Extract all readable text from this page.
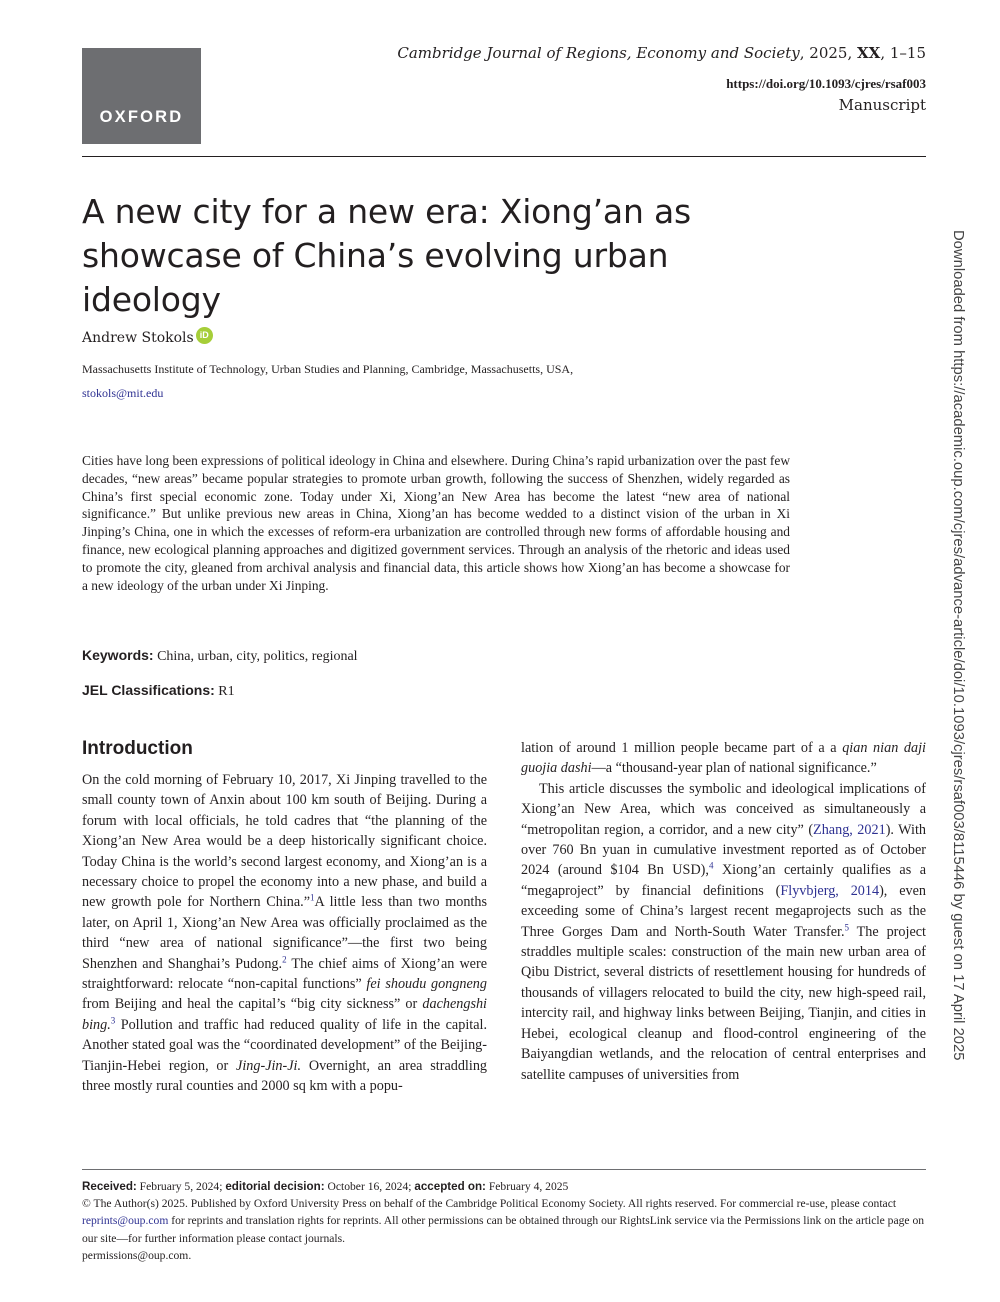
OXFORD
Cambridge Journal of Regions, Economy and Society, 2025, XX, 1–15
https://doi.org/10.1093/cjres/rsaf003
Manuscript
A new city for a new era: Xiong’an as showcase of China’s evolving urban ideology
Andrew Stokols iD
Massachusetts Institute of Technology, Urban Studies and Planning, Cambridge, Massachusetts, USA,
stokols@mit.edu

Cities have long been expressions of political ideology in China and elsewhere. During China’s rapid urbanization over the past few decades, “new areas” became popular strategies to promote urban growth, following the success of Shenzhen, widely regarded as China’s first special economic zone. Today under Xi, Xiong’an New Area has become the latest “new area of national significance.” But unlike previous new areas in China, Xiong’an has become wedded to a distinct vision of the urban in Xi Jinping’s China, one in which the excesses of reform-era urbanization are controlled through new forms of affordable housing and finance, new ecological planning approaches and digitized government services. Through an analysis of the rhetoric and ideas used to promote the city, gleaned from archival analysis and financial data, this article shows how Xiong’an has become a showcase for a new ideology of the urban under Xi Jinping.

Keywords: China, urban, city, politics, regional
JEL Classifications: R1
Introduction

On the cold morning of February 10, 2017, Xi Jinping travelled to the small county town of Anxin about 100 km south of Beijing. During a forum with local officials, he told cadres that “the planning of the Xiong’an New Area would be a deep historically significant choice. Today China is the world’s second largest economy, and Xiong’an is a necessary choice to propel the economy into a new phase, and build a new growth pole for Northern China.”$^1$A little less than two months later, on April 1, Xiong’an New Area was officially proclaimed as the third “new area of national significance”—the first two being Shenzhen and Shanghai’s Pudong.$^2$ The chief aims of Xiong’an were straightforward: relocate “non-capital functions” fei shoudu gongneng from Beijing and heal the capital’s “big city sickness” or dachengshi bing.$^3$ Pollution and traffic had reduced quality of life in the capital. Another stated goal was the “coordinated development” of the Beijing-Tianjin-Hebei region, or Jing-Jin-Ji. Overnight, an area straddling three mostly rural counties and 2000 sq km with a popu-

lation of around 1 million people became part of a a qian nian daji guojia dashi—a “thousand-year plan of national significance.”

This article discusses the symbolic and ideological implications of Xiong’an New Area, which was conceived as simultaneously a “metropolitan region, a corridor, and a new city” (Zhang, 2021). With over 760 Bn yuan in cumulative investment reported as of October 2024 (around $104 Bn USD),$^4$ Xiong’an certainly qualifies as a “megaproject” by financial definitions (Flyvbjerg, 2014), even exceeding some of China’s largest recent megaprojects such as the Three Gorges Dam and North-South Water Transfer.$^5$ The project straddles multiple scales: construction of the main new urban area of Qibu District, several districts of resettlement housing for hundreds of thousands of villagers relocated to build the city, new high-speed rail, intercity rail, and highway links between Beijing, Tianjin, and cities in Hebei, ecological cleanup and flood-control engineering of the Baiyangdian wetlands, and the relocation of central enterprises and satellite campuses of universities from

Received: February 5, 2024; editorial decision: October 16, 2024; accepted on: February 4, 2025

© The Author(s) 2025. Published by Oxford University Press on behalf of the Cambridge Political Economy Society. All rights reserved. For commercial re-use, please contact reprints@oup.com for reprints and translation rights for reprints. All other permissions can be obtained through our RightsLink service via the Permissions link on the article page on our site—for further information please contact journals.
permissions@oup.com.

Downloaded from https://academic.oup.com/cjres/advance-article/doi/10.1093/cjres/rsaf003/8115446 by guest on 17 April 2025
